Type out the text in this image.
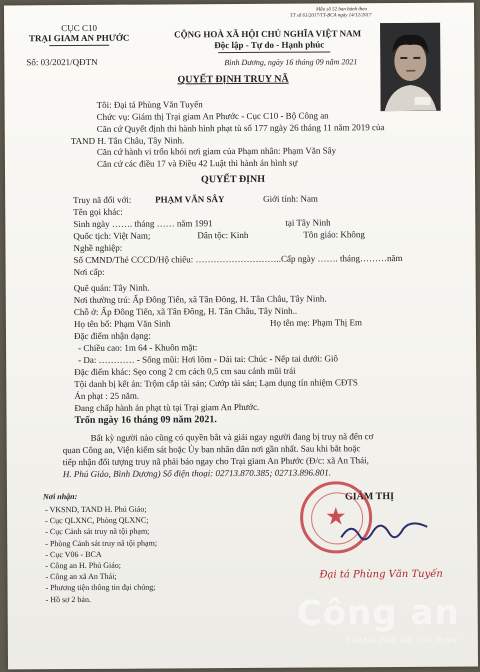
CỤC C10
TRẠI GIAM AN PHƯỚC
Số: 03/2021/QĐTN
Mẫu số 52 ban hành theo
TT số 61/2017/TT-BCA ngày 14/12/2017
CỘNG HOÀ XÃ HỘI CHỦ NGHĨA VIỆT NAM
Độc lập - Tự do - Hạnh phúc
Bình Dương, ngày 16 tháng 09 năm 2021
QUYẾT ĐỊNH TRUY NÃ
Tôi: Đại tá Phùng Văn Tuyến
Chức vụ: Giám thị Trại giam An Phước - Cục C10 - Bộ Công an
Căn cứ Quyết định thi hành hình phạt tù số 177 ngày 26 tháng 11 năm 2019 của
TAND H. Tân Châu, Tây Ninh.
Căn cứ hành vi trốn khỏi nơi giam của Phạm nhân: Phạm Văn Sây
Căn cứ các điều 17 và Điều 42 Luật thi hành án hình sự
QUYẾT ĐỊNH
Truy nã đối với:	PHẠM VĂN SÂY	Giới tính: Nam
Tên gọi khác:
Sinh ngày ……. tháng …… năm 1991	tại Tây Ninh
Quốc tịch: Việt Nam;	Dân tộc: Kinh	Tôn giáo: Không
Nghề nghiệp:
Số CMND/Thẻ CCCD/Hộ chiếu: ………………………..Cấp ngày ……. tháng………năm
Nơi cấp:
Quê quán: Tây Ninh.
Nơi thường trú: Ấp Đông Tiến, xã Tân Đông, H. Tân Châu, Tây Ninh.
Chỗ ở: Ấp Đông Tiến, xã Tân Đông, H. Tân Châu, Tây Ninh..
Họ tên bố: Phạm Văn Sinh	Họ tên mẹ: Phạm Thị Em
Đặc điểm nhận dạng:
- Chiều cao: 1m 64 - Khuôn mặt:
- Da: ………… - Sống mũi: Hơi lõm - Dái tai: Chúc - Nếp tai dưới: Giô
Đặc điểm khác: Sẹo cong 2 cm cách 0,5 cm sau cánh mũi trái
Tội danh bị kết án: Trộm cắp tài sản; Cướp tài sản; Lạm dụng tín nhiệm CĐTS
Án phạt : 25 năm.
Đang chấp hành án phạt tù tại Trại giam An Phước.
Trốn ngày 16 tháng 09 năm 2021.
Bất kỳ người nào cũng có quyền bắt và giải ngay người đang bị truy nã đến cơ
quan Công an, Viện kiểm sát hoặc Ủy ban nhân dân nơi gần nhất. Sau khi bắt hoặc
tiếp nhận đối tượng truy nã phải báo ngay cho Trại giam An Phước (Đ/c: xã An Thái,
H. Phú Giáo, Bình Dương) Số điện thoại: 02713.870.385; 02713.896.801.
Nơi nhận:
- VKSND, TAND H. Phú Giáo;
- Cục QLXNC, Phòng QLXNC;
- Cục Cảnh sát truy nã tội phạm;
- Phòng Cảnh sát truy nã tội phạm;
- Cục V06 - BCA
- Công an H. Phú Giáo;
- Công an xã An Thái;
- Phương tiện thông tin đại chúng;
- Hồ sơ 2 bản.
GIÁM THỊ
★
Đại tá Phùng Văn Tuyến
Công an
THÀNH PHỐ HỒ CHÍ MINH
